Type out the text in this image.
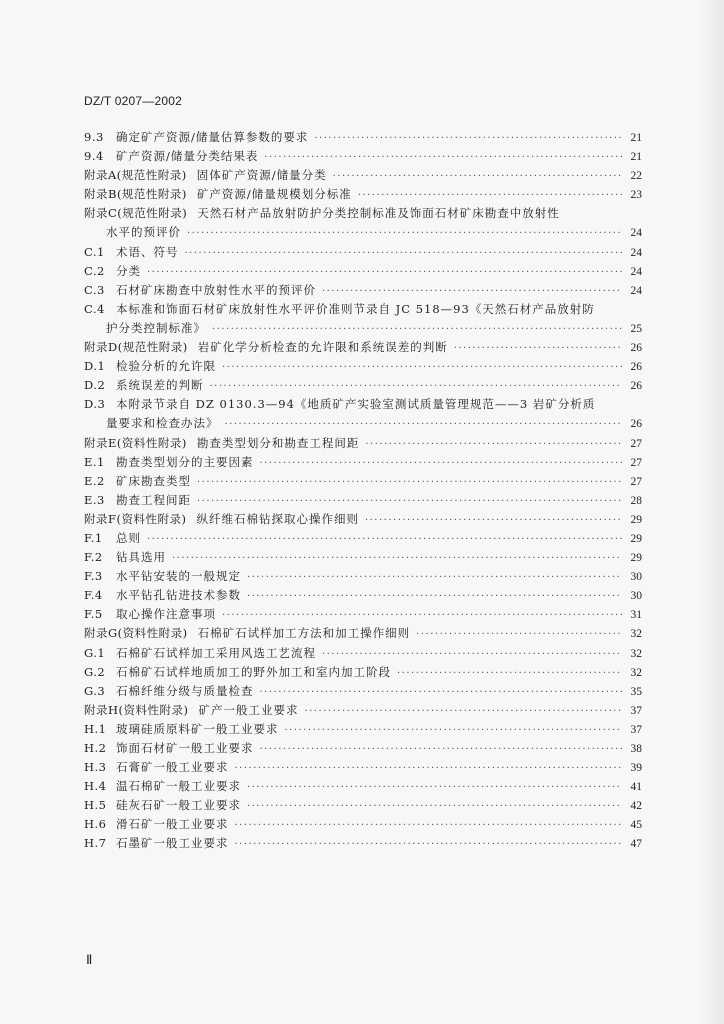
DZ/T 0207—2002
9.3	确定矿产资源/储量估算参数的要求 ·····	21
9.4	矿产资源/储量分类结果表 ·····	21
附录A(规范性附录) 固体矿产资源/储量分类 ·····	22
附录B(规范性附录) 矿产资源/储量规模划分标准 ·····	23
附录C(规范性附录) 天然石材产品放射防护分类控制标准及饰面石材矿床勘查中放射性
水平的预评价 ·····	24
C.1 术语、符号 ·····	24
C.2 分类 ·····	24
C.3 石材矿床勘查中放射性水平的预评价 ·····	24
C.4 本标准和饰面石材矿床放射性水平评价准则节录自 JC 518—93《天然石材产品放射防
护分类控制标准》 ·····	25
附录D(规范性附录) 岩矿化学分析检查的允许限和系统误差的判断 ·····	26
D.1 检验分析的允许限 ·····	26
D.2 系统误差的判断 ·····	26
D.3 本附录节录自 DZ 0130.3—94《地质矿产实验室测试质量管理规范——3 岩矿分析质
量要求和检查办法》 ·····	26
附录E(资料性附录) 勘查类型划分和勘查工程间距 ·····	27
E.1 勘查类型划分的主要因素 ·····	27
E.2 矿床勘查类型 ·····	27
E.3 勘查工程间距 ·····	28
附录F(资料性附录) 纵纤维石棉钻探取心操作细则 ·····	29
F.1	总则 ·····	29
F.2	钻具选用 ·····	29
F.3	水平钻安装的一般规定 ·····	30
F.4	水平钻孔钻进技术参数 ·····	30
F.5	取心操作注意事项 ·····	31
附录G(资料性附录) 石棉矿石试样加工方法和加工操作细则 ·····	32
G.1 石棉矿石试样加工采用风选工艺流程 ·····	32
G.2 石棉矿石试样地质加工的野外加工和室内加工阶段 ·····	32
G.3 石棉纤维分级与质量检查 ·····	35
附录H(资料性附录) 矿产一般工业要求 ·····	37
H.1 玻璃硅质原料矿一般工业要求 ·····	37
H.2 饰面石材矿一般工业要求 ·····	38
H.3 石膏矿一般工业要求 ·····	39
H.4 温石棉矿一般工业要求 ·····	41
H.5 硅灰石矿一般工业要求 ·····	42
H.6 滑石矿一般工业要求 ·····	45
H.7 石墨矿一般工业要求 ·····	47
Ⅱ
